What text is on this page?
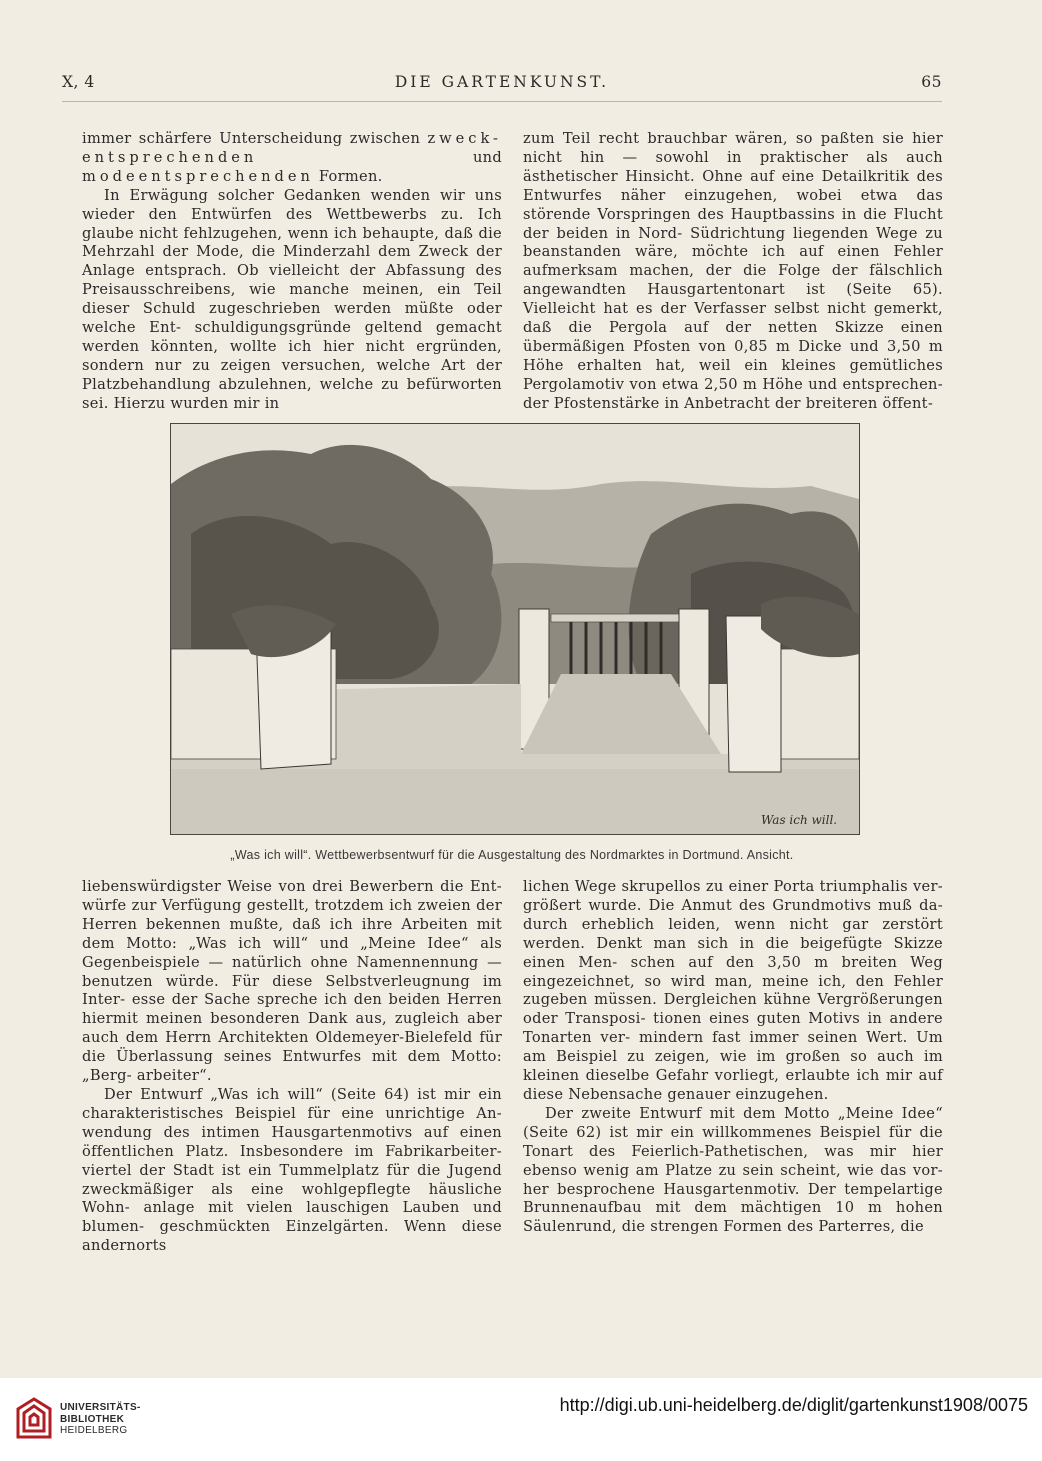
X, 4	DIE GARTENKUNST.	65

immer schärfere Unterscheidung zwischen zweck- entsprechenden und modeentsprechenden Formen.

In Erwägung solcher Gedanken wenden wir uns wieder den Entwürfen des Wettbewerbs zu. Ich glaube nicht fehlzugehen, wenn ich behaupte, daß die Mehrzahl der Mode, die Minderzahl dem Zweck der Anlage entsprach. Ob vielleicht der Abfassung des Preisausschreibens, wie manche meinen, ein Teil dieser Schuld zugeschrieben werden müßte oder welche Ent- schuldigungsgründe geltend gemacht werden könnten, wollte ich hier nicht ergründen, sondern nur zu zeigen versuchen, welche Art der Platzbehandlung abzulehnen, welche zu befürworten sei. Hierzu wurden mir in

zum Teil recht brauchbar wären, so paßten sie hier nicht hin — sowohl in praktischer als auch ästhetischer Hinsicht. Ohne auf eine Detailkritik des Entwurfes näher einzugehen, wobei etwa das störende Vorspringen des Hauptbassins in die Flucht der beiden in Nord- Südrichtung liegenden Wege zu beanstanden wäre, möchte ich auf einen Fehler aufmerksam machen, der die Folge der fälschlich angewandten Hausgartentonart ist (Seite 65). Vielleicht hat es der Verfasser selbst nicht gemerkt, daß die Pergola auf der netten Skizze einen übermäßigen Pfosten von 0,85 m Dicke und 3,50 m Höhe erhalten hat, weil ein kleines gemütliches Pergolamotiv von etwa 2,50 m Höhe und entsprechen- der Pfostenstärke in Anbetracht der breiteren öffent-

Was ich will.
„Was ich will“. Wettbewerbsentwurf für die Ausgestaltung des Nordmarktes in Dortmund. Ansicht.

liebenswürdigster Weise von drei Bewerbern die Ent- würfe zur Verfügung gestellt, trotzdem ich zweien der Herren bekennen mußte, daß ich ihre Arbeiten mit dem Motto: „Was ich will“ und „Meine Idee“ als Gegenbeispiele — natürlich ohne Namennennung — benutzen würde. Für diese Selbstverleugnung im Inter- esse der Sache spreche ich den beiden Herren hiermit meinen besonderen Dank aus, zugleich aber auch dem Herrn Architekten Oldemeyer-Bielefeld für die Überlassung seines Entwurfes mit dem Motto: „Berg- arbeiter“.

Der Entwurf „Was ich will“ (Seite 64) ist mir ein charakteristisches Beispiel für eine unrichtige An- wendung des intimen Hausgartenmotivs auf einen öffentlichen Platz. Insbesondere im Fabrikarbeiter- viertel der Stadt ist ein Tummelplatz für die Jugend zweckmäßiger als eine wohlgepflegte häusliche Wohn- anlage mit vielen lauschigen Lauben und blumen- geschmückten Einzelgärten. Wenn diese andernorts

lichen Wege skrupellos zu einer Porta triumphalis ver- größert wurde. Die Anmut des Grundmotivs muß da- durch erheblich leiden, wenn nicht gar zerstört werden. Denkt man sich in die beigefügte Skizze einen Men- schen auf den 3,50 m breiten Weg eingezeichnet, so wird man, meine ich, den Fehler zugeben müssen. Dergleichen kühne Vergrößerungen oder Transposi- tionen eines guten Motivs in andere Tonarten ver- mindern fast immer seinen Wert. Um am Beispiel zu zeigen, wie im großen so auch im kleinen dieselbe Gefahr vorliegt, erlaubte ich mir auf diese Nebensache genauer einzugehen.

Der zweite Entwurf mit dem Motto „Meine Idee“ (Seite 62) ist mir ein willkommenes Beispiel für die Tonart des Feierlich-Pathetischen, was mir hier ebenso wenig am Platze zu sein scheint, wie das vor- her besprochene Hausgartenmotiv. Der tempelartige Brunnenaufbau mit dem mächtigen 10 m hohen Säulenrund, die strengen Formen des Parterres, die

UNIVERSITÄTS-
BIBLIOTHEK
HEIDELBERG
http://digi.ub.uni-heidelberg.de/diglit/gartenkunst1908/0075
